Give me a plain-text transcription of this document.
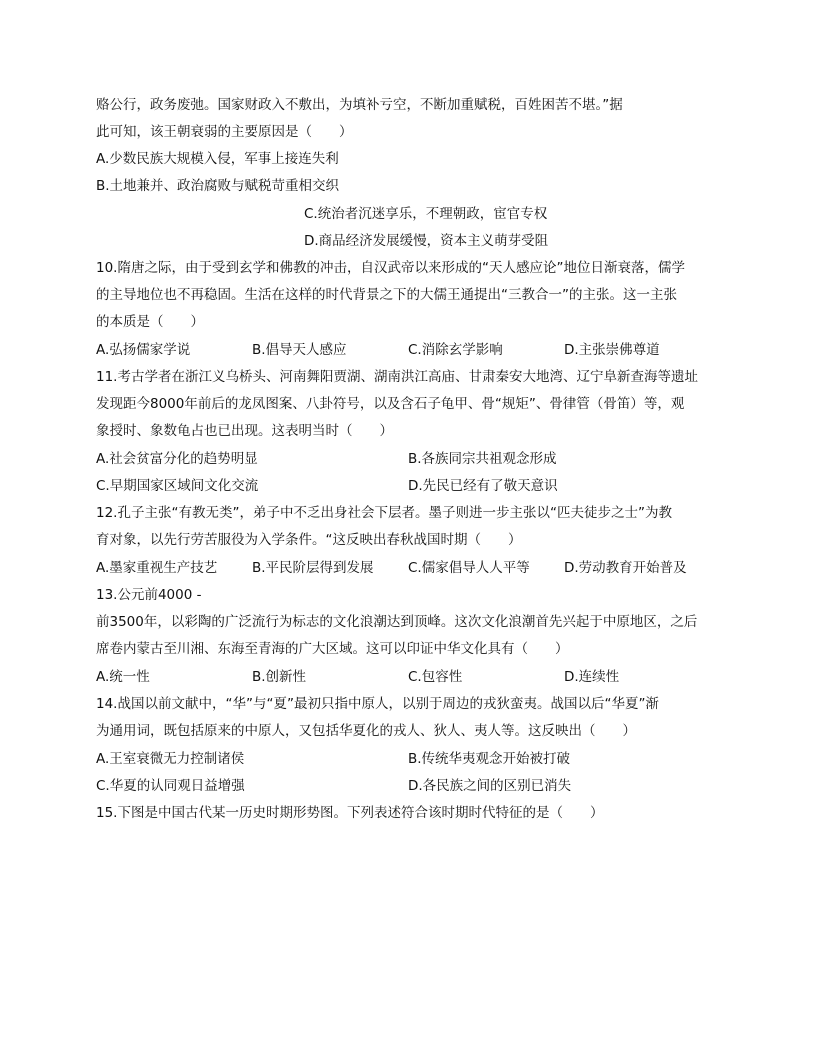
赂公行，政务废弛。国家财政入不敷出，为填补亏空，不断加重赋税，百姓困苦不堪。”据
此可知，该王朝衰弱的主要原因是（　　）
A.少数民族大规模入侵，军事上接连失利
B.土地兼并、政治腐败与赋税苛重相交织
C.统治者沉迷享乐，不理朝政，宦官专权
D.商品经济发展缓慢，资本主义萌芽受阻
10.隋唐之际，由于受到玄学和佛教的冲击，自汉武帝以来形成的“天人感应论”地位日渐衰落，儒学
的主导地位也不再稳固。生活在这样的时代背景之下的大儒王通提出“三教合一”的主张。这一主张
的本质是（　　）
A.弘扬儒家学说	B.倡导天人感应	C.消除玄学影响	D.主张崇佛尊道
11.考古学者在浙江义乌桥头、河南舞阳贾湖、湖南洪江高庙、甘肃秦安大地湾、辽宁阜新查海等遗址
发现距今8000年前后的龙凤图案、八卦符号，以及含石子龟甲、骨“规矩”、骨律管（骨笛）等，观
象授时、象数龟占也已出现。这表明当时（　　）
A.社会贫富分化的趋势明显	B.各族同宗共祖观念形成
C.早期国家区域间文化交流	D.先民已经有了敬天意识
12.孔子主张“有教无类”，弟子中不乏出身社会下层者。墨子则进一步主张以“匹夫徒步之士”为教
育对象，以先行劳苦服役为入学条件。“这反映出春秋战国时期（　　）
A.墨家重视生产技艺	B.平民阶层得到发展	C.儒家倡导人人平等	D.劳动教育开始普及
13.公元前4000 -
前3500年，以彩陶的广泛流行为标志的文化浪潮达到顶峰。这次文化浪潮首先兴起于中原地区，之后
席卷内蒙古至川湘、东海至青海的广大区域。这可以印证中华文化具有（　　）
A.统一性	B.创新性	C.包容性	D.连续性
14.战国以前文献中，“华”与“夏”最初只指中原人，以别于周边的戎狄蛮夷。战国以后“华夏”渐
为通用词，既包括原来的中原人，又包括华夏化的戎人、狄人、夷人等。这反映出（　　）
A.王室衰微无力控制诸侯	B.传统华夷观念开始被打破
C.华夏的认同观日益增强	D.各民族之间的区别已消失
15.下图是中国古代某一历史时期形势图。下列表述符合该时期时代特征的是（　　）
